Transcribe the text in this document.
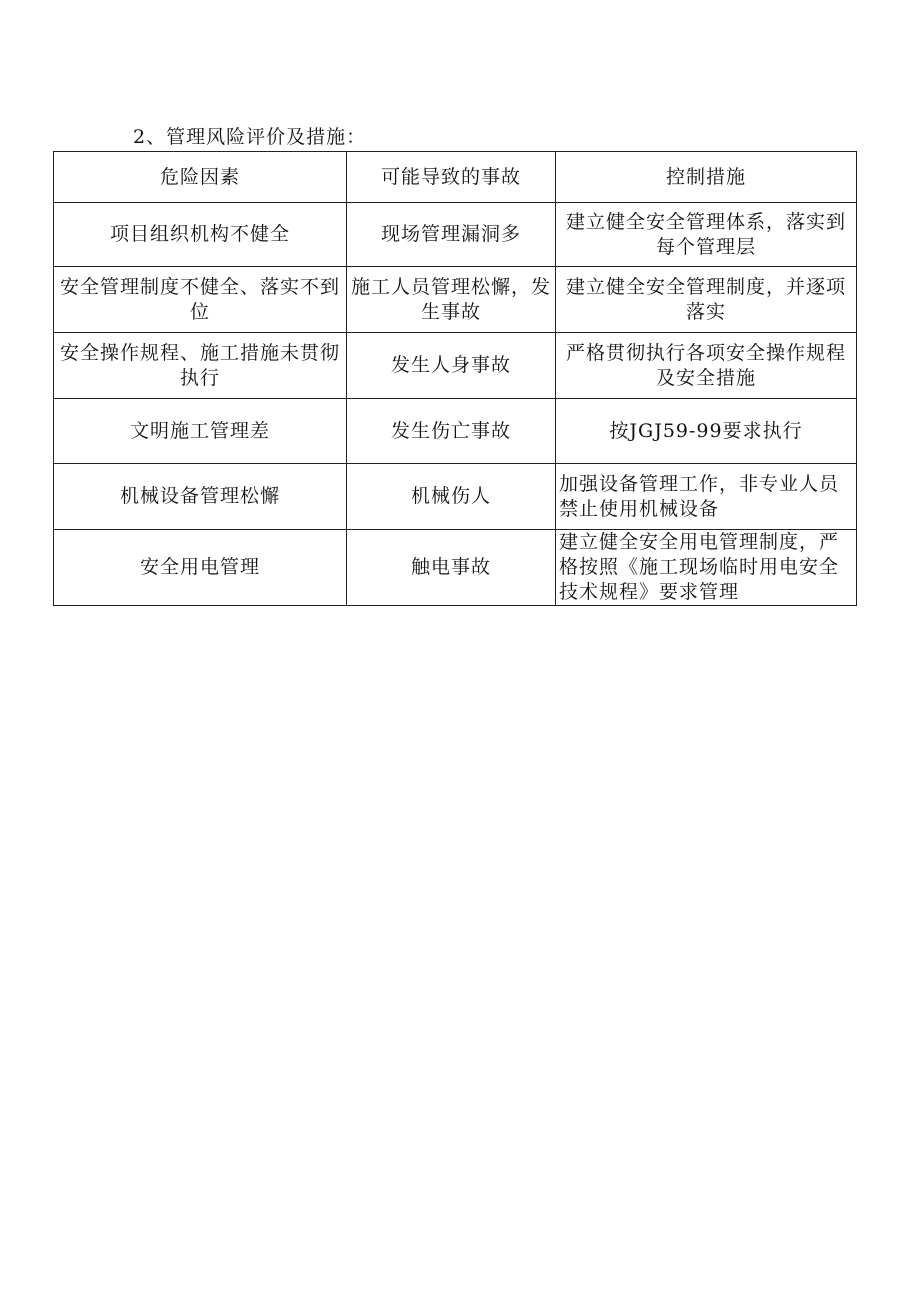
2、管理风险评价及措施：
危险因素	可能导致的事故	控制措施
项目组织机构不健全	现场管理漏洞多	建立健全安全管理体系，落实到每个管理层
安全管理制度不健全、落实不到位	施工人员管理松懈，发生事故	建立健全安全管理制度，并逐项落实
安全操作规程、施工措施未贯彻执行	发生人身事故	严格贯彻执行各项安全操作规程及安全措施
文明施工管理差	发生伤亡事故	按JGJ59-99要求执行
机械设备管理松懈	机械伤人	加强设备管理工作，非专业人员禁止使用机械设备
安全用电管理	触电事故	建立健全安全用电管理制度，严格按照《施工现场临时用电安全技术规程》要求管理
